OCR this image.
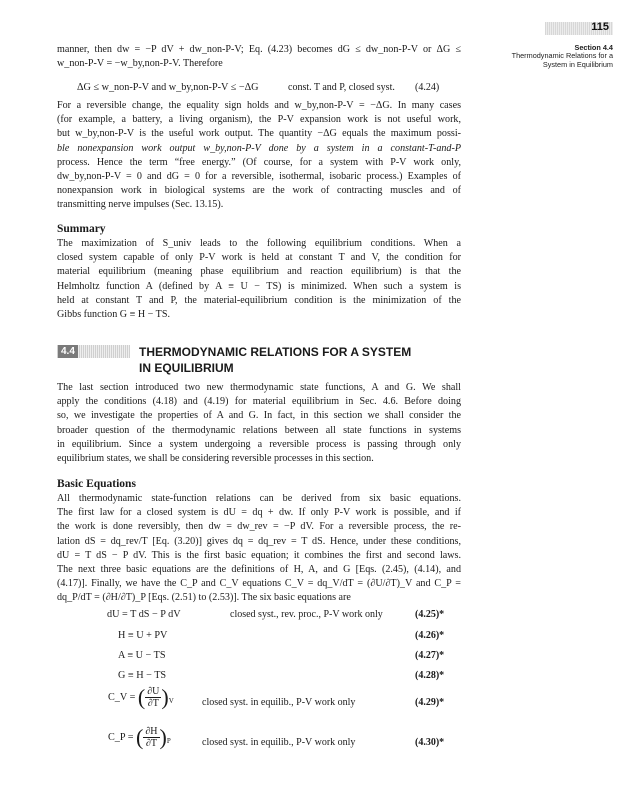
115
Section 4.4
Thermodynamic Relations for a
System in Equilibrium
manner, then dw = −P dV + dw_non-P-V; Eq. (4.23) becomes dG ≤ dw_non-P-V or ΔG ≤
w_non-P-V = −w_by,non-P-V. Therefore
ΔG ≤ w_non-P-V and w_by,non-P-V ≤ −ΔG	const. T and P, closed syst. (4.24)
For a reversible change, the equality sign holds and w_by,non-P-V = −ΔG. In many cases
(for example, a battery, a living organism), the P-V expansion work is not useful work,
but w_by,non-P-V is the useful work output. The quantity −ΔG equals the maximum possi-
ble nonexpansion work output w_by,non-P-V done by a system in a constant-T-and-P
process. Hence the term “free energy.” (Of course, for a system with P-V work only,
dw_by,non-P-V = 0 and dG = 0 for a reversible, isothermal, isobaric process.) Examples of
nonexpansion work in biological systems are the work of contracting muscles and of
transmitting nerve impulses (Sec. 13.15).
Summary
The maximization of S_univ leads to the following equilibrium conditions. When a
closed system capable of only P-V work is held at constant T and V, the condition for
material equilibrium (meaning phase equilibrium and reaction equilibrium) is that the
Helmholtz function A (defined by A ≡ U − TS) is minimized. When such a system is
held at constant T and P, the material-equilibrium condition is the minimization of the
Gibbs function G ≡ H − TS.
4.4	THERMODYNAMIC RELATIONS FOR A SYSTEM
IN EQUILIBRIUM
The last section introduced two new thermodynamic state functions, A and G. We shall
apply the conditions (4.18) and (4.19) for material equilibrium in Sec. 4.6. Before doing
so, we investigate the properties of A and G. In fact, in this section we shall consider the
broader question of the thermodynamic relations between all state functions in systems
in equilibrium. Since a system undergoing a reversible process is passing through only
equilibrium states, we shall be considering reversible processes in this section.
Basic Equations
All thermodynamic state-function relations can be derived from six basic equations.
The first law for a closed system is dU = dq + dw. If only P-V work is possible, and if
the work is done reversibly, then dw = dw_rev = −P dV. For a reversible process, the re-
lation dS = dq_rev/T [Eq. (3.20)] gives dq = dq_rev = T dS. Hence, under these conditions,
dU = T dS − P dV. This is the first basic equation; it combines the first and second laws.
The next three basic equations are the definitions of H, A, and G [Eqs. (2.45), (4.14), and
(4.17)]. Finally, we have the C_P and C_V equations C_V = dq_V/dT = (∂U/∂T)_V and C_P =
dq_P/dT = (∂H/∂T)_P [Eqs. (2.51) to (2.53)]. The six basic equations are
dU = T dS − P dV	closed syst., rev. proc., P-V work only	(4.25)*
H ≡ U + PV	(4.26)*
A ≡ U − TS	(4.27)*
G ≡ H − TS	(4.28)*
C_V = ( $\frac{\partial U}{\partial T} )_V$	closed syst. in equilib., P-V work only	(4.29)*
C_P = ( $\frac{\partial H}{\partial T} )_P$	closed syst. in equilib., P-V work only	(4.30)*
